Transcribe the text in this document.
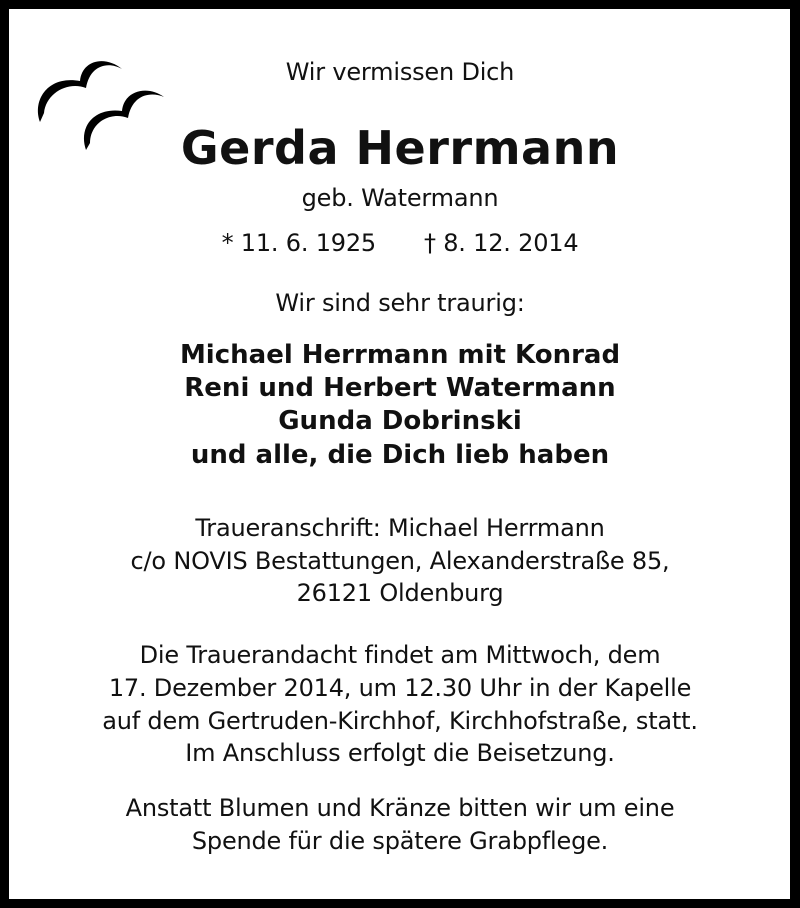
Wir vermissen Dich
Gerda Herrmann
geb. Watermann
* 11. 6. 1925 † 8. 12. 2014
Wir sind sehr traurig:
Michael Herrmann mit Konrad
Reni und Herbert Watermann
Gunda Dobrinski
und alle, die Dich lieb haben
Traueranschrift: Michael Herrmann
c/o NOVIS Bestattungen, Alexanderstraße 85,
26121 Oldenburg
Die Trauerandacht findet am Mittwoch, dem
17. Dezember 2014, um 12.30 Uhr in der Kapelle
auf dem Gertruden-Kirchhof, Kirchhofstraße, statt.
Im Anschluss erfolgt die Beisetzung.
Anstatt Blumen und Kränze bitten wir um eine
Spende für die spätere Grabpflege.
